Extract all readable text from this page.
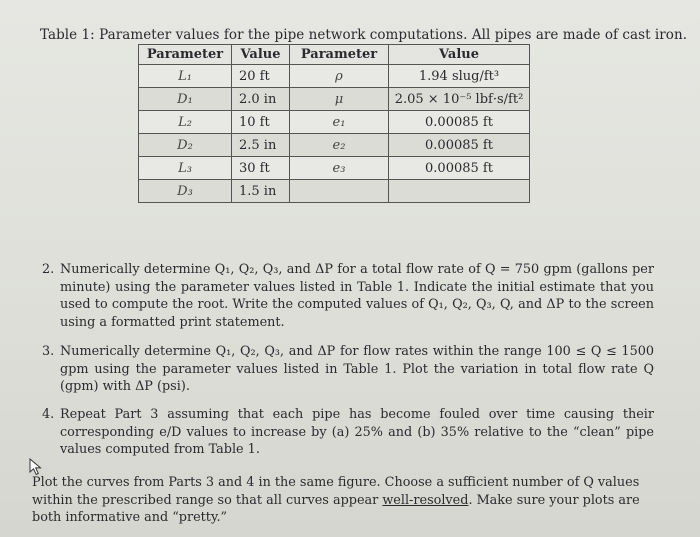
Table 1: Parameter values for the pipe network computations. All pipes are made of cast iron.
Parameter	Value	Parameter	Value
L₁	20 ft	ρ	1.94 slug/ft³
D₁	2.0 in	μ	2.05 × 10⁻⁵ lbf·s/ft²
L₂	10 ft	e₁	0.00085 ft
D₂	2.5 in	e₂	0.00085 ft
L₃	30 ft	e₃	0.00085 ft
D₃	1.5 in		
2. Numerically determine Q₁, Q₂, Q₃, and ΔP for a total flow rate of Q = 750 gpm (gallons per minute) using the parameter values listed in Table 1. Indicate the initial estimate that you used to compute the root. Write the computed values of Q₁, Q₂, Q₃, Q, and ΔP to the screen using a formatted print statement.
3. Numerically determine Q₁, Q₂, Q₃, and ΔP for flow rates within the range 100 ≤ Q ≤ 1500 gpm using the parameter values listed in Table 1. Plot the variation in total flow rate Q (gpm) with ΔP (psi).
4. Repeat Part 3 assuming that each pipe has become fouled over time causing their corresponding e/D values to increase by (a) 25% and (b) 35% relative to the “clean” pipe values computed from Table 1.
Plot the curves from Parts 3 and 4 in the same figure. Choose a sufficient number of Q values within the prescribed range so that all curves appear well-resolved. Make sure your plots are both informative and “pretty.”
